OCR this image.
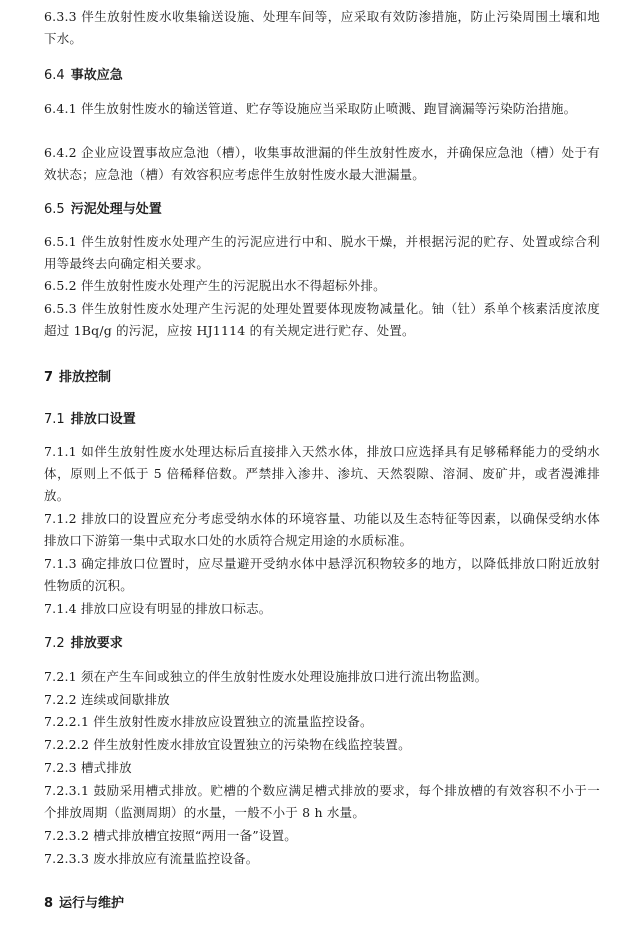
6.3.3 伴生放射性废水收集输送设施、处理车间等，应采取有效防渗措施，防止污染周围土壤和地下水。

6.4 事故应急

6.4.1 伴生放射性废水的输送管道、贮存等设施应当采取防止喷溅、跑冒滴漏等污染防治措施。

6.4.2 企业应设置事故应急池（槽），收集事故泄漏的伴生放射性废水，并确保应急池（槽）处于有效状态；应急池（槽）有效容积应考虑伴生放射性废水最大泄漏量。

6.5 污泥处理与处置

6.5.1 伴生放射性废水处理产生的污泥应进行中和、脱水干燥，并根据污泥的贮存、处置或综合利用等最终去向确定相关要求。

6.5.2 伴生放射性废水处理产生的污泥脱出水不得超标外排。

6.5.3 伴生放射性废水处理产生污泥的处理处置要体现废物减量化。铀（钍）系单个核素活度浓度超过 1Bq/g 的污泥，应按 HJ1114 的有关规定进行贮存、处置。

7 排放控制
7.1 排放口设置

7.1.1 如伴生放射性废水处理达标后直接排入天然水体，排放口应选择具有足够稀释能力的受纳水体，原则上不低于 5 倍稀释倍数。严禁排入渗井、渗坑、天然裂隙、溶洞、废矿井，或者漫滩排放。

7.1.2 排放口的设置应充分考虑受纳水体的环境容量、功能以及生态特征等因素，以确保受纳水体排放口下游第一集中式取水口处的水质符合规定用途的水质标准。

7.1.3 确定排放口位置时，应尽量避开受纳水体中悬浮沉积物较多的地方，以降低排放口附近放射性物质的沉积。

7.1.4 排放口应设有明显的排放口标志。

7.2 排放要求

7.2.1 须在产生车间或独立的伴生放射性废水处理设施排放口进行流出物监测。

7.2.2 连续或间歇排放

7.2.2.1 伴生放射性废水排放应设置独立的流量监控设备。

7.2.2.2 伴生放射性废水排放宜设置独立的污染物在线监控装置。

7.2.3 槽式排放

7.2.3.1 鼓励采用槽式排放。贮槽的个数应满足槽式排放的要求，每个排放槽的有效容积不小于一个排放周期（监测周期）的水量，一般不小于 8 h 水量。

7.2.3.2 槽式排放槽宜按照“两用一备”设置。

7.2.3.3 废水排放应有流量监控设备。

8 运行与维护
